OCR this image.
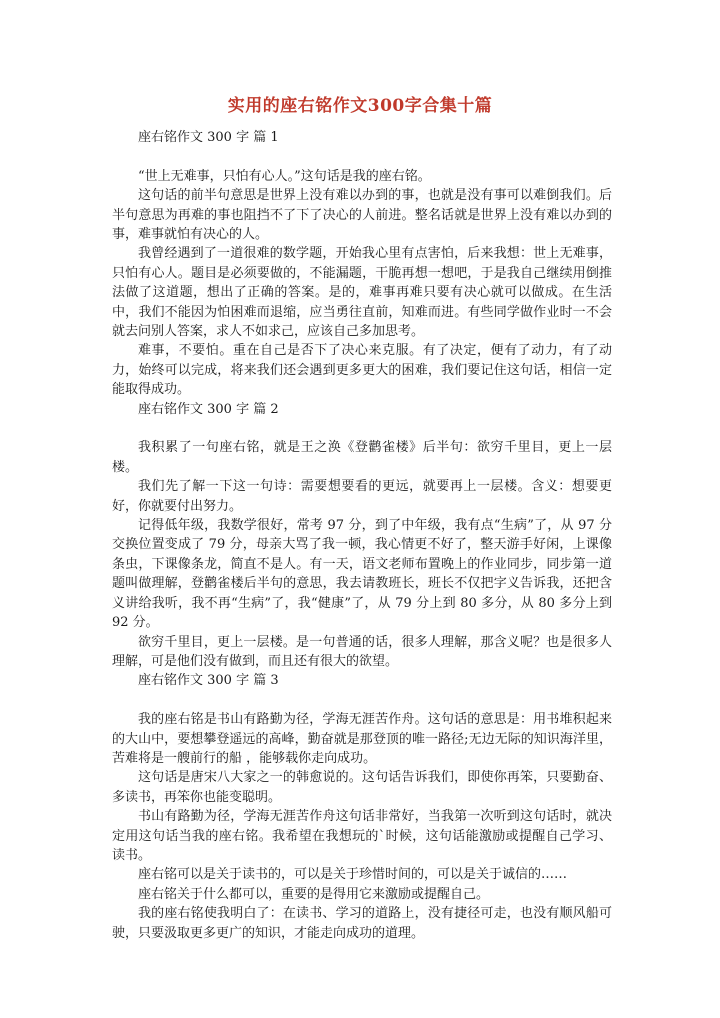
实用的座右铭作文300字合集十篇
座右铭作文 300 字 篇 1

“世上无难事，只怕有心人。”这句话是我的座右铭。

这句话的前半句意思是世界上没有难以办到的事，也就是没有事可以难倒我们。后半句意思为再难的事也阻挡不了下了决心的人前进。整名话就是世界上没有难以办到的事，难事就怕有决心的人。

我曾经遇到了一道很难的数学题，开始我心里有点害怕，后来我想：世上无难事，只怕有心人。题目是必须要做的，不能漏题，干脆再想一想吧，于是我自己继续用倒推法做了这道题，想出了正确的答案。是的，难事再难只要有决心就可以做成。在生活中，我们不能因为怕困难而退缩，应当勇往直前，知难而进。有些同学做作业时一不会就去问别人答案，求人不如求己，应该自己多加思考。

难事，不要怕。重在自己是否下了决心来克服。有了决定，便有了动力，有了动力，始终可以完成，将来我们还会遇到更多更大的困难，我们要记住这句话，相信一定能取得成功。

座右铭作文 300 字 篇 2

我积累了一句座右铭，就是王之涣《登鹳雀楼》后半句：欲穷千里目，更上一层楼。

我们先了解一下这一句诗：需要想要看的更远，就要再上一层楼。含义：想要更好，你就要付出努力。

记得低年级，我数学很好，常考 97 分，到了中年级，我有点“生病”了，从 97 分交换位置变成了 79 分，母亲大骂了我一顿，我心情更不好了，整天游手好闲，上课像条虫，下课像条龙，简直不是人。有一天，语文老师布置晚上的作业同步，同步第一道题叫做理解，登鹳雀楼后半句的意思，我去请教班长，班长不仅把字义告诉我，还把含义讲给我听，我不再“生病”了，我“健康”了，从 79 分上到 80 多分，从 80 多分上到 92 分。

欲穷千里目，更上一层楼。是一句普通的话，很多人理解，那含义呢？也是很多人理解，可是他们没有做到，而且还有很大的欲望。

座右铭作文 300 字 篇 3

我的座右铭是书山有路勤为径，学海无涯苦作舟。这句话的意思是：用书堆积起来的大山中，要想攀登遥远的高峰，勤奋就是那登顶的唯一路径;无边无际的知识海洋里，苦难将是一艘前行的船 ，能够载你走向成功。

这句话是唐宋八大家之一的韩愈说的。这句话告诉我们，即使你再笨，只要勤奋、多读书，再笨你也能变聪明。

书山有路勤为径，学海无涯苦作舟这句话非常好，当我第一次听到这句话时，就决定用这句话当我的座右铭。我希望在我想玩的`时候，这句话能激励或提醒自己学习、读书。

座右铭可以是关于读书的，可以是关于珍惜时间的，可以是关于诚信的……

座右铭关于什么都可以，重要的是得用它来激励或提醒自己。

我的座右铭使我明白了：在读书、学习的道路上，没有捷径可走，也没有顺风船可驶，只要汲取更多更广的知识，才能走向成功的道理。
